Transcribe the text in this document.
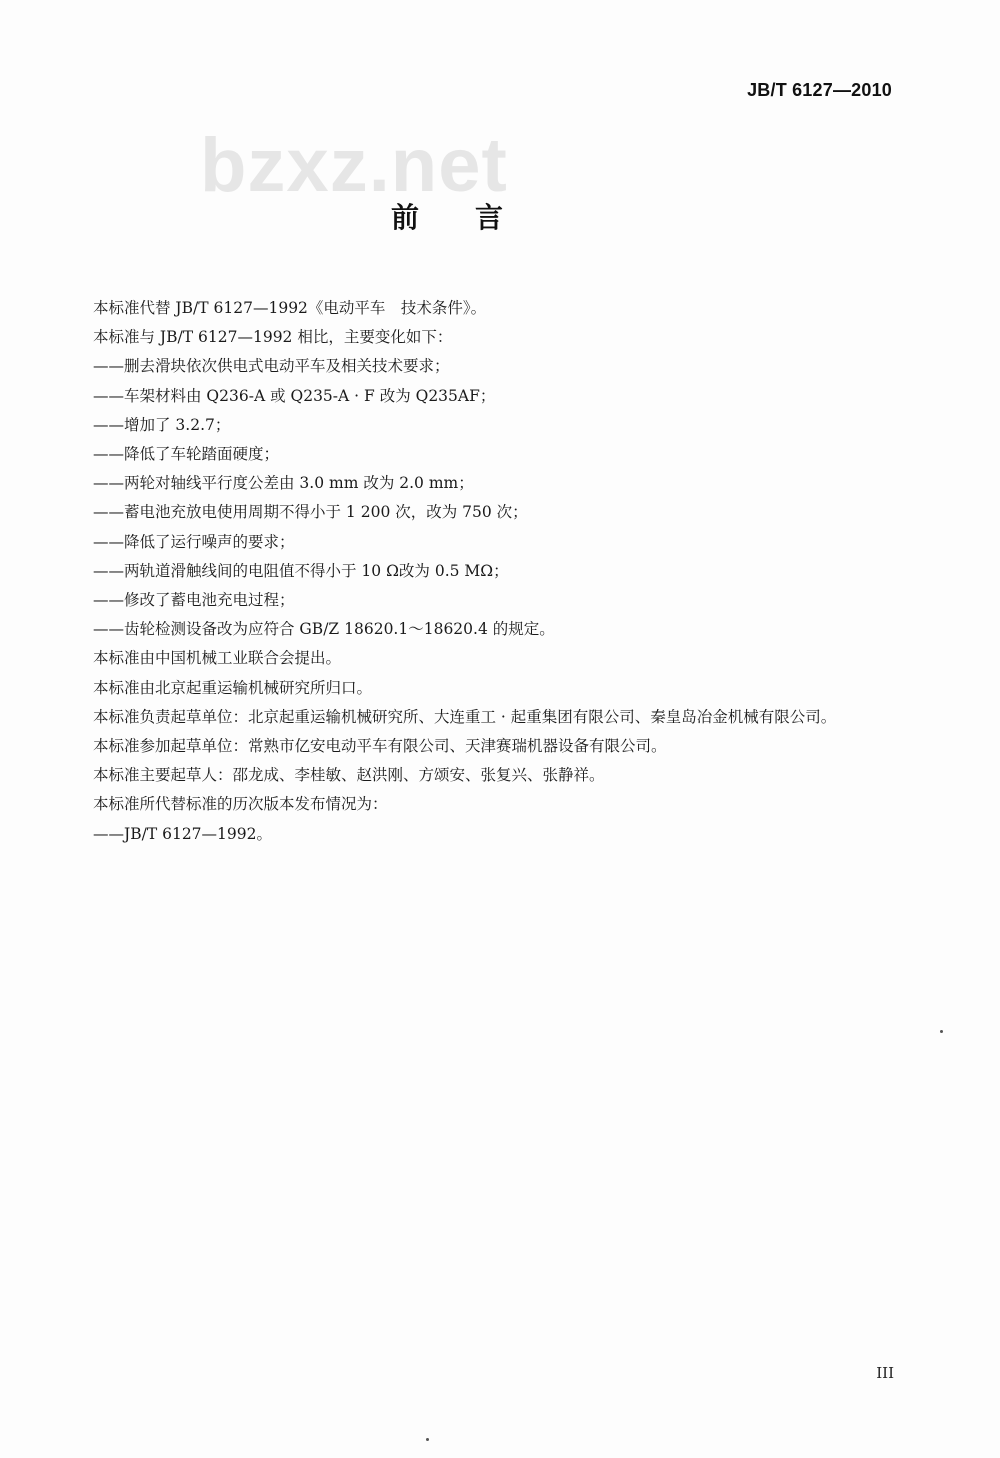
JB/T 6127—2010
bzxz.net
前言

本标准代替 JB/T 6127—1992《电动平车　技术条件》。

本标准与 JB/T 6127—1992 相比，主要变化如下：

——删去滑块依次供电式电动平车及相关技术要求；

——车架材料由 Q236-A 或 Q235-A · F 改为 Q235AF；

——增加了 3.2.7；

——降低了车轮踏面硬度；

——两轮对轴线平行度公差由 3.0 mm 改为 2.0 mm；

——蓄电池充放电使用周期不得小于 1 200 次，改为 750 次；

——降低了运行噪声的要求；

——两轨道滑触线间的电阻值不得小于 10 Ω改为 0.5 MΩ；

——修改了蓄电池充电过程；

——齿轮检测设备改为应符合 GB/Z 18620.1～18620.4 的规定。

本标准由中国机械工业联合会提出。

本标准由北京起重运输机械研究所归口。

本标准负责起草单位：北京起重运输机械研究所、大连重工 · 起重集团有限公司、秦皇岛冶金机械有限公司。

本标准参加起草单位：常熟市亿安电动平车有限公司、天津赛瑞机器设备有限公司。

本标准主要起草人：邵龙成、李桂敏、赵洪刚、方颂安、张复兴、张静祥。

本标准所代替标准的历次版本发布情况为：

——JB/T 6127—1992。

III
